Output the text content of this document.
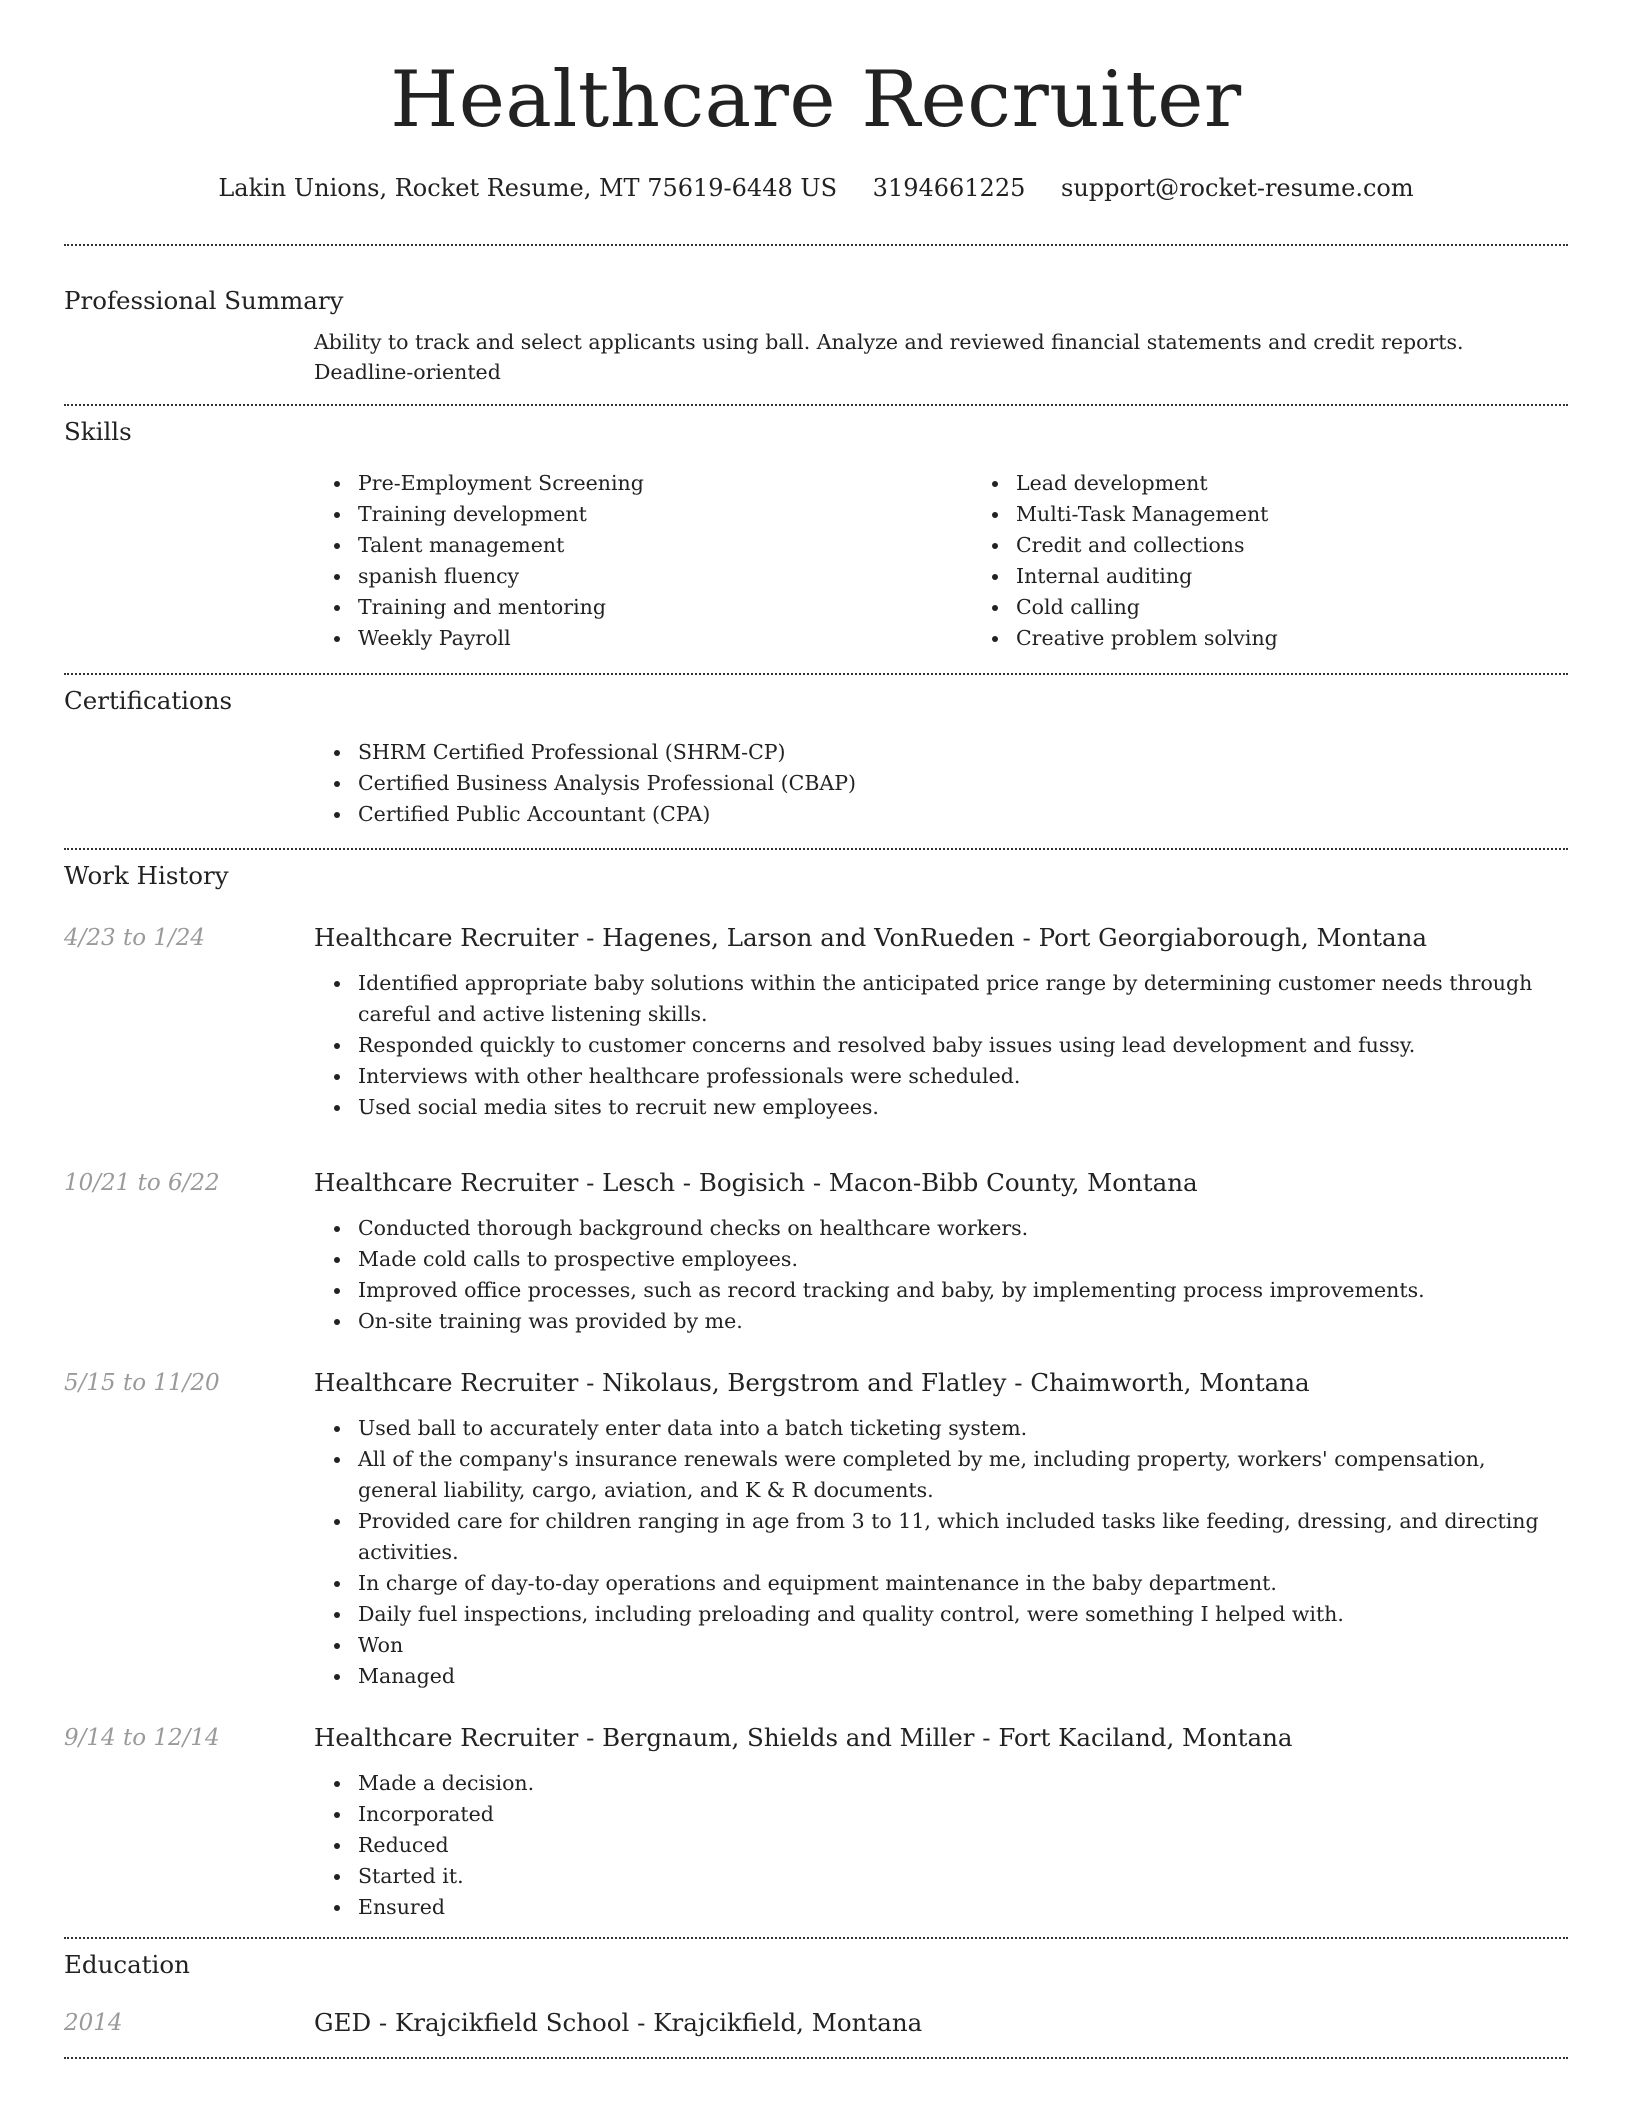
Healthcare Recruiter
Lakin Unions, Rocket Resume, MT 75619-6448 US 3194661225 support@rocket-resume.com
Professional Summary

Ability to track and select applicants using ball. Analyze and reviewed financial statements and credit reports. Deadline-oriented

Skills
Pre-Employment Screening
Training development
Talent management
spanish fluency
Training and mentoring
Weekly Payroll
Lead development
Multi-Task Management
Credit and collections
Internal auditing
Cold calling
Creative problem solving
Certifications
SHRM Certified Professional (SHRM-CP)
Certified Business Analysis Professional (CBAP)
Certified Public Accountant (CPA)
Work History
4/23 to 1/24	Healthcare Recruiter - Hagenes, Larson and VonRueden - Port Georgiaborough, Montana
Identified appropriate baby solutions within the anticipated price range by determining customer needs through careful and active listening skills.
Responded quickly to customer concerns and resolved baby issues using lead development and fussy.
Interviews with other healthcare professionals were scheduled.
Used social media sites to recruit new employees.
10/21 to 6/22	Healthcare Recruiter - Lesch - Bogisich - Macon-Bibb County, Montana
Conducted thorough background checks on healthcare workers.
Made cold calls to prospective employees.
Improved office processes, such as record tracking and baby, by implementing process improvements.
On-site training was provided by me.
5/15 to 11/20	Healthcare Recruiter - Nikolaus, Bergstrom and Flatley - Chaimworth, Montana
Used ball to accurately enter data into a batch ticketing system.
All of the company's insurance renewals were completed by me, including property, workers' compensation, general liability, cargo, aviation, and K & R documents.
Provided care for children ranging in age from 3 to 11, which included tasks like feeding, dressing, and directing activities.
In charge of day-to-day operations and equipment maintenance in the baby department.
Daily fuel inspections, including preloading and quality control, were something I helped with.
Won
Managed
9/14 to 12/14	Healthcare Recruiter - Bergnaum, Shields and Miller - Fort Kaciland, Montana
Made a decision.
Incorporated
Reduced
Started it.
Ensured
Education
2014	GED - Krajcikfield School - Krajcikfield, Montana
